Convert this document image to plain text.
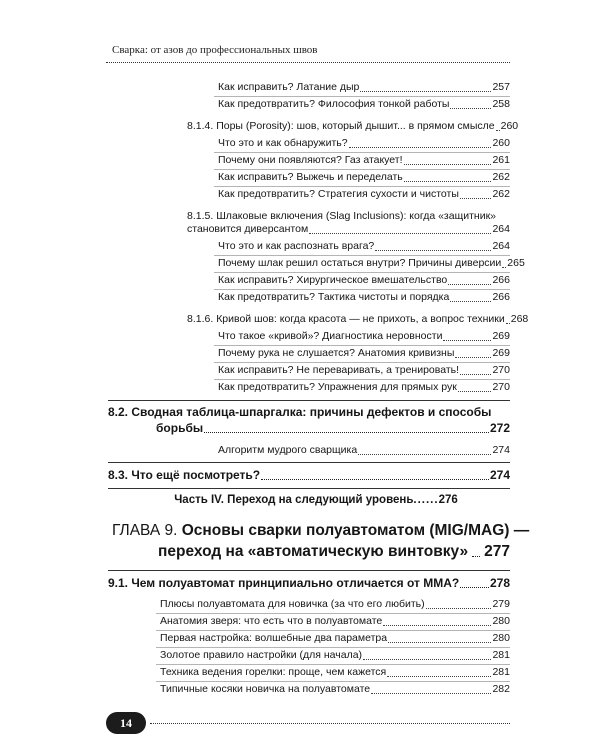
Сварка: от азов до профессиональных швов
Как исправить? Латание дыр	257
Как предотвратить? Философия тонкой работы	258
8.1.4. Поры (Porosity): шов, который дышит... в прямом смысле 260
Что это и как обнаружить?	260
Почему они появляются? Газ атакует!	261
Как исправить? Выжечь и переделать	262
Как предотвратить? Стратегия сухости и чистоты	262
8.1.5. Шлаковые включения (Slag Inclusions): когда «защитник»
становится диверсантом	264
Что это и как распознать врага?	264
Почему шлак решил остаться внутри? Причины диверсии 265
Как исправить? Хирургическое вмешательство	266
Как предотвратить? Тактика чистоты и порядка	266
8.1.6. Кривой шов: когда красота — не прихоть, а вопрос техники 268
Что такое «кривой»? Диагностика неровности	269
Почему рука не слушается? Анатомия кривизны	269
Как исправить? Не переваривать, а тренировать!	270
Как предотвратить? Упражнения для прямых рук	270
8.2. Сводная таблица-шпаргалка: причины дефектов и способы
борьбы	272
Алгоритм мудрого сварщика	274
8.3. Что ещё посмотреть?	274
Часть IV. Переход на следующий уровень......276
ГЛАВА 9. Основы сварки полуавтоматом (MIG/MAG) —
переход на «автоматическую винтовку» 277
9.1. Чем полуавтомат принципиально отличается от ММА?	278
Плюсы полуавтомата для новичка (за что его любить)	279
Анатомия зверя: что есть что в полуавтомате	280
Первая настройка: волшебные два параметра	280
Золотое правило настройки (для начала)	281
Техника ведения горелки: проще, чем кажется	281
Типичные косяки новичка на полуавтомате	282
14
